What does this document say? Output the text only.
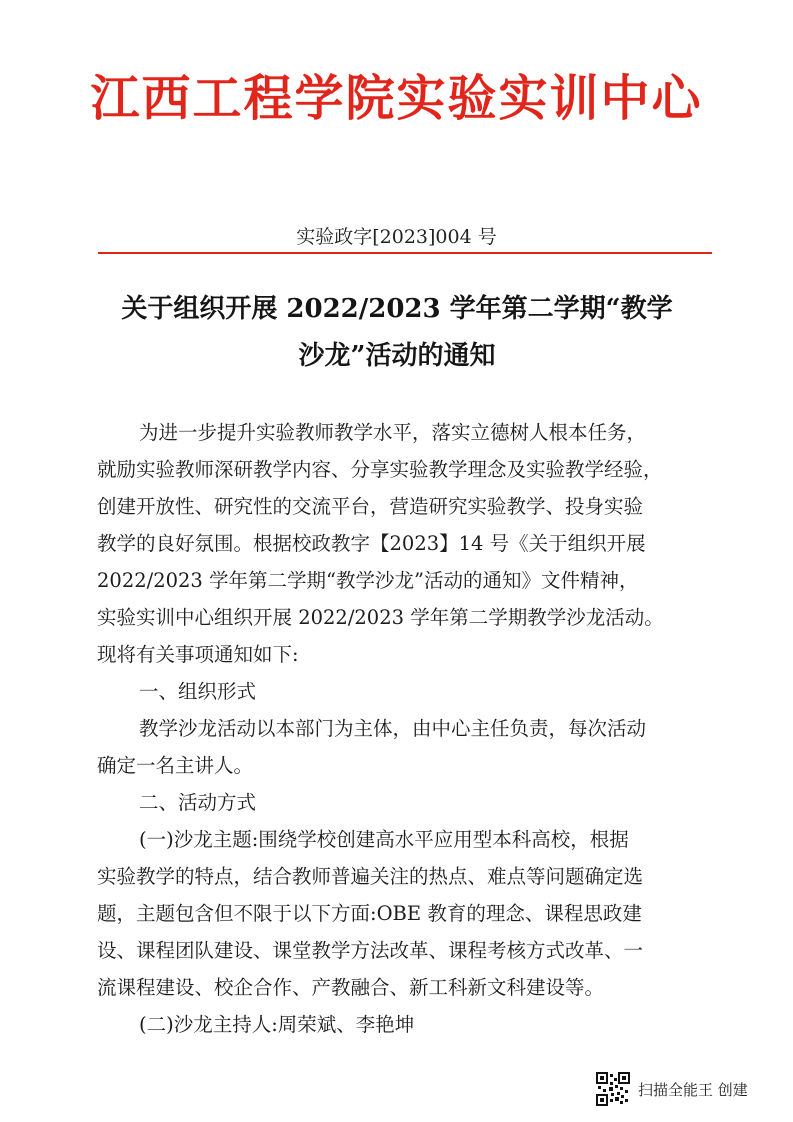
江西工程学院实验实训中心
实验政字[2023]004 号
关于组织开展 2022/2023 学年第二学期“教学
沙龙”活动的通知
为进一步提升实验教师教学水平，落实立德树人根本任务，
就励实验教师深研教学内容、分享实验教学理念及实验教学经验，
创建开放性、研究性的交流平台，营造研究实验教学、投身实验
教学的良好氛围。根据校政教字【2023】14 号《关于组织开展
2022/2023 学年第二学期“教学沙龙”活动的通知》文件精神，
实验实训中心组织开展 2022/2023 学年第二学期教学沙龙活动。
现将有关事项通知如下:
一、组织形式
教学沙龙活动以本部门为主体，由中心主任负责，每次活动
确定一名主讲人。
二、活动方式
(一)沙龙主题:围绕学校创建高水平应用型本科高校，根据
实验教学的特点，结合教师普遍关注的热点、难点等问题确定选
题，主题包含但不限于以下方面:OBE 教育的理念、课程思政建
设、课程团队建设、课堂教学方法改革、课程考核方式改革、一
流课程建设、校企合作、产教融合、新工科新文科建设等。
(二)沙龙主持人:周荣斌、李艳坤
扫描全能王 创建
